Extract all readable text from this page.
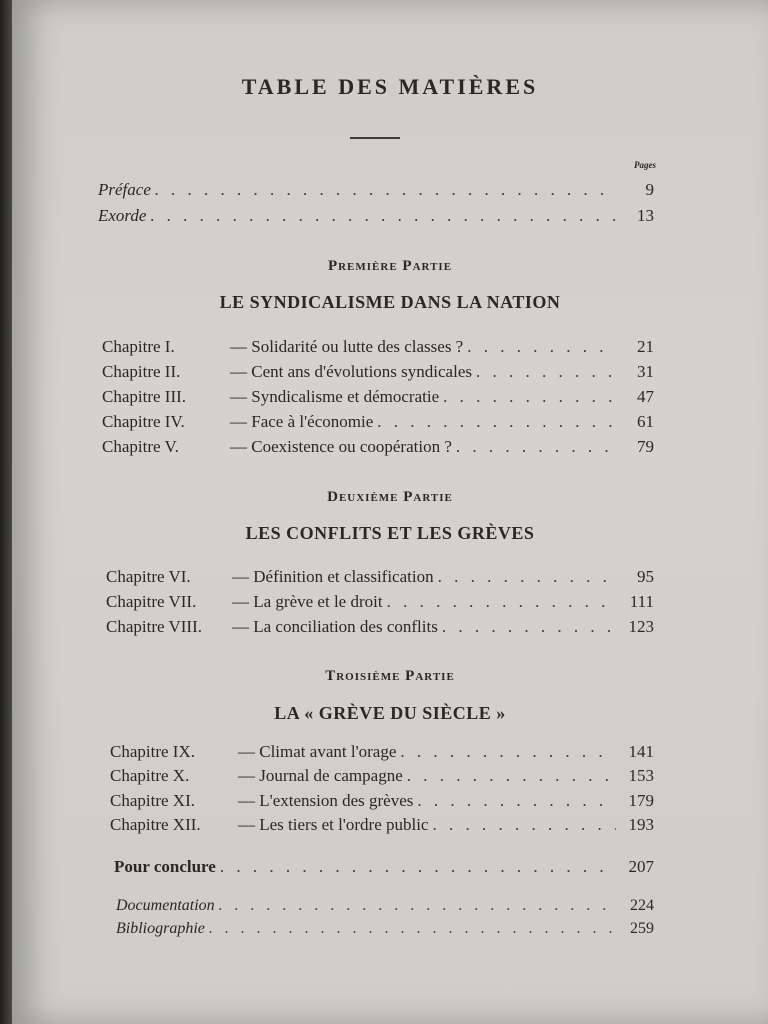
TABLE DES MATIÈRES
Pages
Préface . . .	9
Exorde . . .	13
Première Partie
LE SYNDICALISME DANS LA NATION
Chapitre I.	— Solidarité ou lutte des classes ? . . .	21
Chapitre II.	— Cent ans d'évolutions syndicales . . .	31
Chapitre III.	— Syndicalisme et démocratie . . .	47
Chapitre IV.	— Face à l'économie . . .	61
Chapitre V.	— Coexistence ou coopération ? . . .	79
Deuxième Partie
LES CONFLITS ET LES GRÈVES
Chapitre VI.	— Définition et classification . . .	95
Chapitre VII.	— La grève et le droit . . .	111
Chapitre VIII.	— La conciliation des conflits . . .	123
Troisième Partie
LA « GRÈVE DU SIÈCLE »
Chapitre IX.	— Climat avant l'orage . . .	141
Chapitre X.	— Journal de campagne . . .	153
Chapitre XI.	— L'extension des grèves . . .	179
Chapitre XII.	— Les tiers et l'ordre public . . .	193
Pour conclure . . .	207
Documentation . . .	224
Bibliographie . . .	259
